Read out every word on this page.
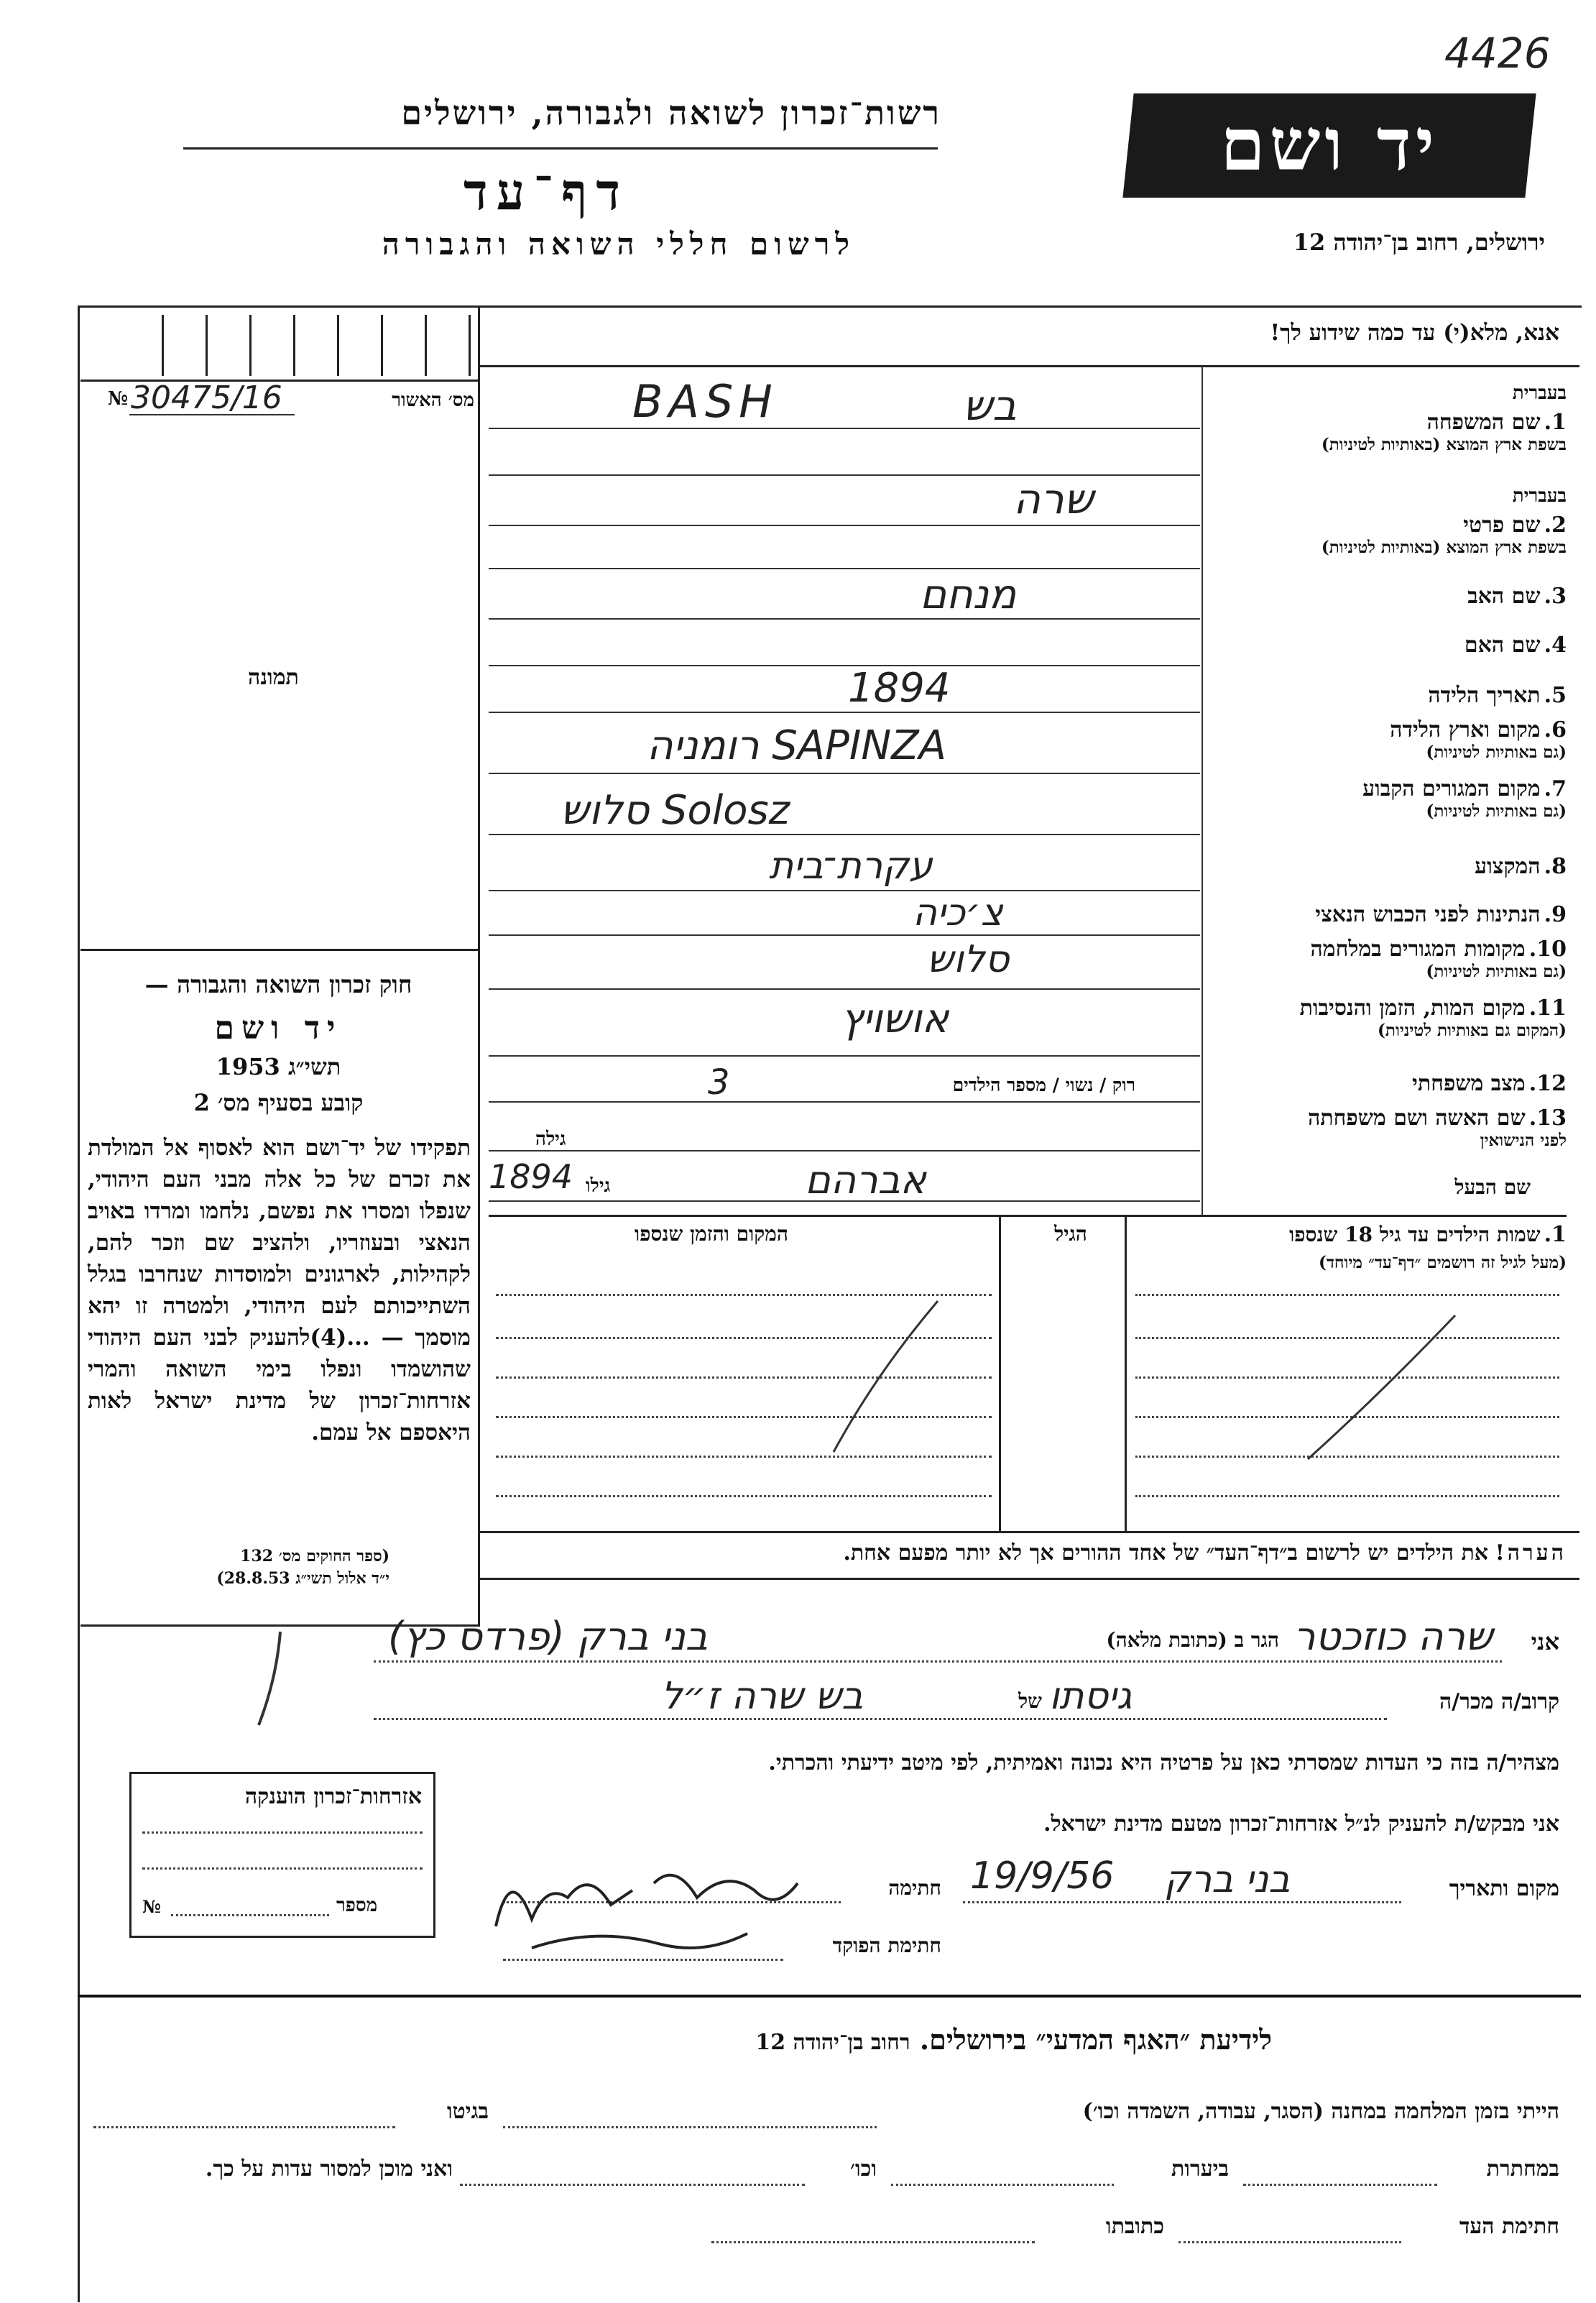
4426
רשות־זכרון לשואה ולגבורה, ירושלים
דף־עד
לרשום חללי השואה והגבורה
יד ושם
ירושלים, רחוב בן־יהודה 12
№ 30475/16	מס׳ האשור
תמונה
חוק זכרון השואה והגבורה —
יד ושם
תשי״ג 1953
קובע בסעיף מס׳ 2
תפקידו של יד־ושם הוא לאסוף אל המולדת את זכרם של כל אלה מבני העם היהודי, שנפלו ומסרו את נפשם, נלחמו ומרדו באויב הנאצי ובעוזריו, ולהציב שם וזכר להם, לקהילות, לארגונים ולמוסדות שנחרבו בגלל השתייכותם לעם היהודי, ולמטרה זו יהא מוסמך — ...(4)להעניק לבני העם היהודי שהושמדו ונפלו בימי השואה והמרי אזרחות־זכרון של מדינת ישראל לאות היאספם אל עמם.
(ספר החוקים מס׳ 132
י״ד אלול תשי״ג 28.8.53)
אנא, מלא(י) עד כמה שידוע לך!
בעברית
1. שם המשפחה
בשפת ארץ המוצא (באותיות לטיניות)
בש
BASH
בעברית
2. שם פרטי
בשפת ארץ המוצא (באותיות לטיניות)
שרה
3. שם האב
מנחם
4. שם האם
5. תאריך הלידה
1894
6. מקום וארץ הלידה
(גם באותיות לטיניות)
רומניה SAPINZA
7. מקום המגורים הקבוע
(גם באותיות לטיניות)
סלוש Solosz
8. המקצוע
עקרת־בית
9. הנתינות לפני הכבוש הנאצי
צ׳כיה
10. מקומות המגורים במלחמה
(גם באותיות לטיניות)
סלוש
11. מקום המות, הזמן והנסיבות
(המקום גם באותיות לטיניות)
אושויץ
12. מצב משפחתי
רוק / נשוי / מספר הילדים
3
13. שם האשה ושם משפחתה
לפני הנישואין
גילה
שם הבעל
אברהם
גילו
1894
1. שמות הילדים עד גיל 18 שנספו
(מעל לגיל זה רושמים ״דף־עד״ מיוחד)
הגיל
המקום והזמן שנספו
הערה! את הילדים יש לרשום ב״דף־העד״ של אחד ההורים אך לא יותר מפעם אחת.
אני
שרה כוזכטר
הגר ב (כתובת מלאה)
בני ברק (פרדס כץ)
קרוב/ה מכר/ה
גיסתו
של
בש שרה ז״ל
מצהיר/ה בזה כי העדות שמסרתי כאן על פרטיה היא נכונה ואמיתית, לפי מיטב ידיעתי והכרתי.
אני מבקש/ת להעניק לנ״ל אזרחות־זכרון מטעם מדינת ישראל.
מקום ותאריך
בני ברק
19/9/56
חתימה
חתימת הפוקד
אזרחות־זכרון הוענקה
№	מספר
לידיעת ״האגף המדעי״ בירושלים. רחוב בן־יהודה 12
הייתי בזמן המלחמה במחנה (הסגר, עבודה, השמדה וכו׳)
בגיטו
במחתרת
ביערות
וכו׳
ואני מוכן למסור עדות על כך.
חתימת העד
כתובתו
